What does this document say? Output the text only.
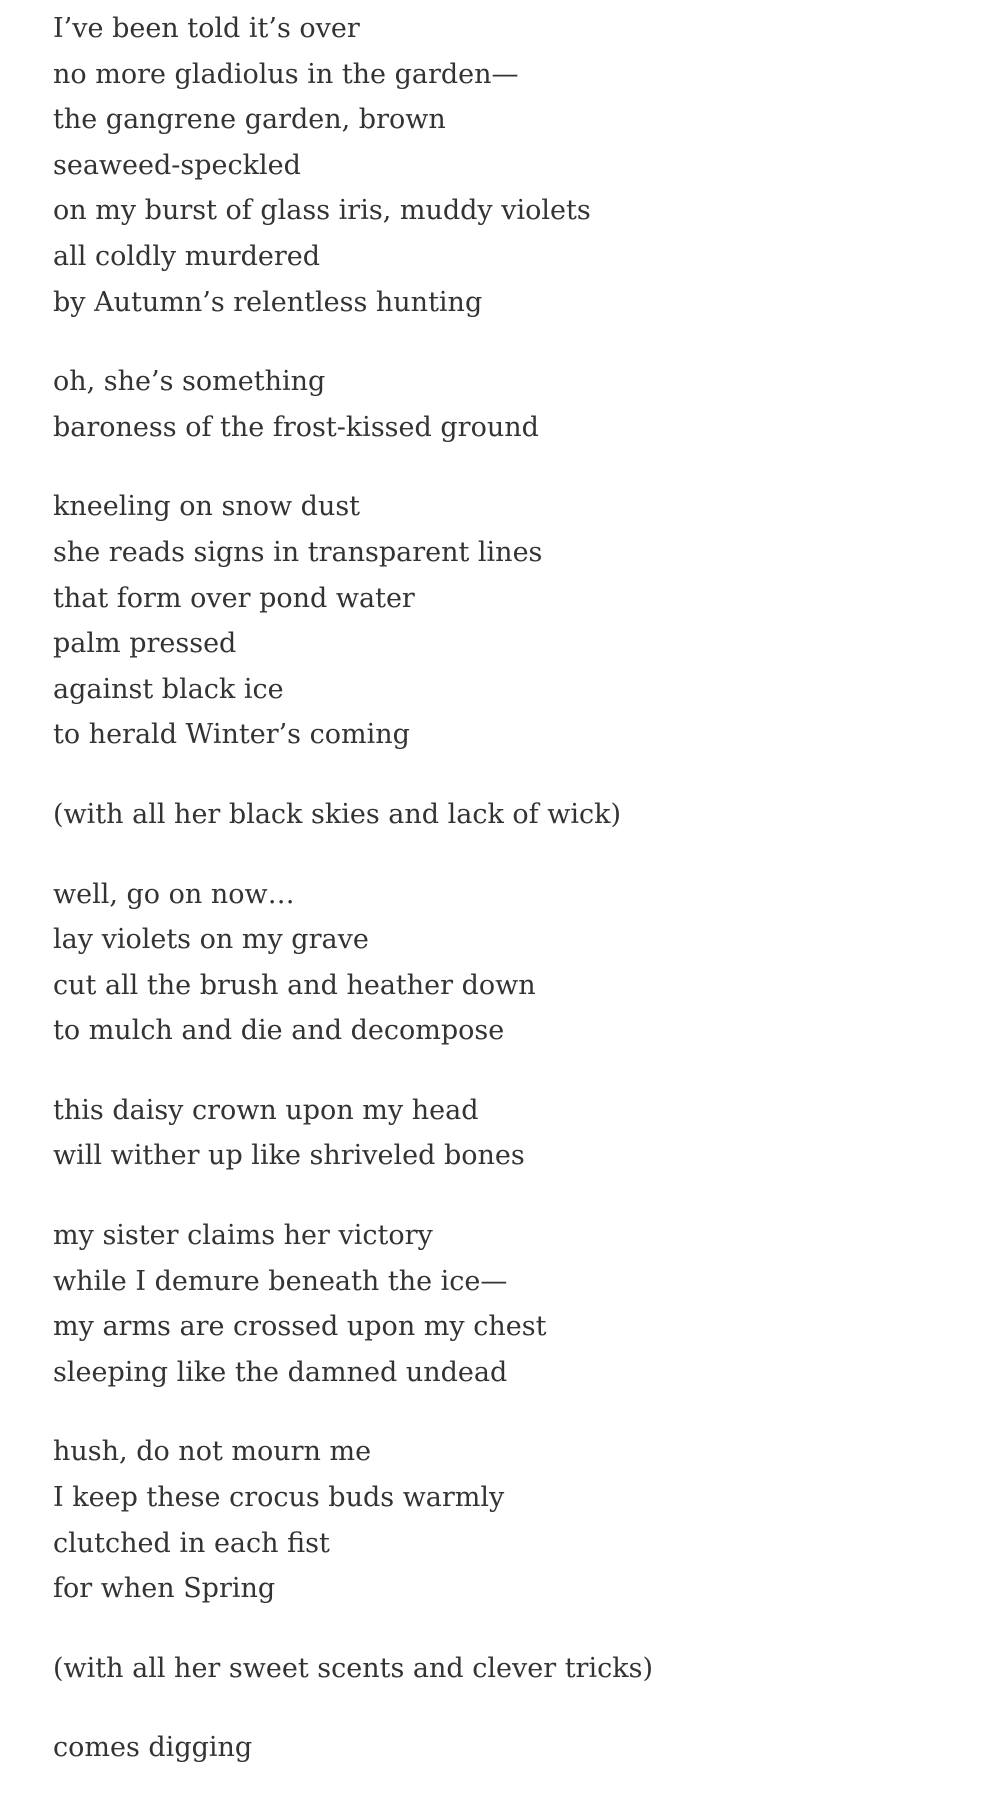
I’ve been told it’s over
no more gladiolus in the garden—
the gangrene garden, brown
seaweed-speckled
on my burst of glass iris, muddy violets
all coldly murdered
by Autumn’s relentless hunting
oh, she’s something
baroness of the frost-kissed ground
kneeling on snow dust
she reads signs in transparent lines
that form over pond water
palm pressed
against black ice
to herald Winter’s coming
(with all her black skies and lack of wick)
well, go on now…
lay violets on my grave
cut all the brush and heather down
to mulch and die and decompose
this daisy crown upon my head
will wither up like shriveled bones
my sister claims her victory
while I demure beneath the ice—
my arms are crossed upon my chest
sleeping like the damned undead
hush, do not mourn me
I keep these crocus buds warmly
clutched in each fist
for when Spring
(with all her sweet scents and clever tricks)
comes digging
